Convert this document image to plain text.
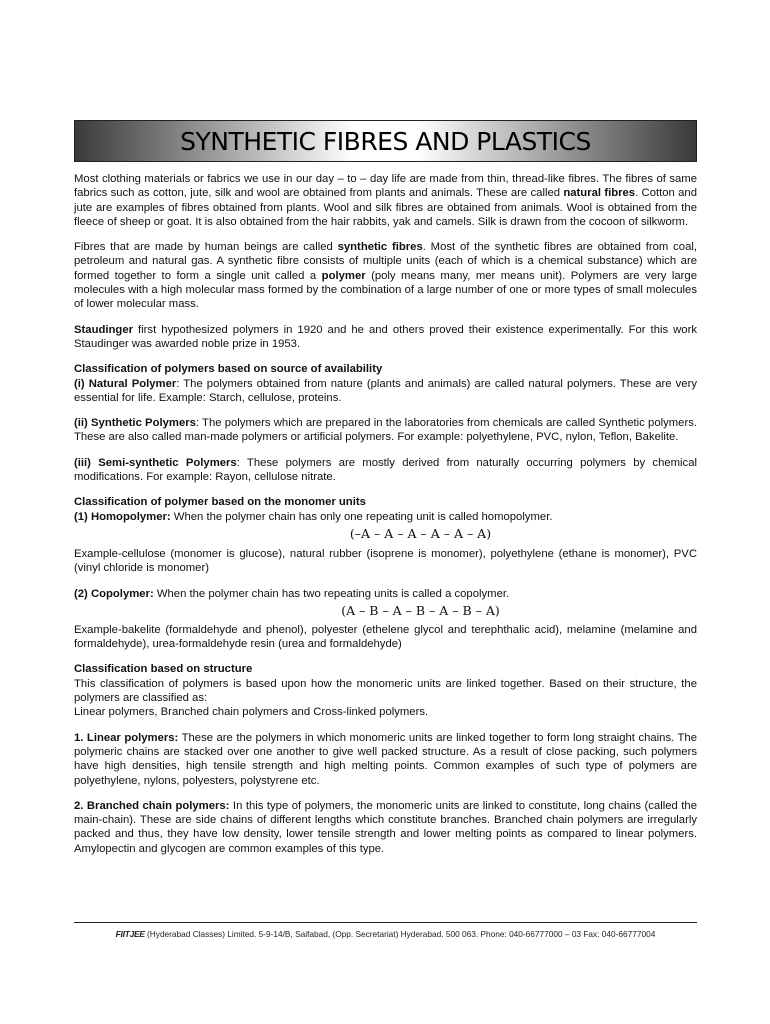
SYNTHETIC FIBRES AND PLASTICS

Most clothing materials or fabrics we use in our day – to – day life are made from thin, thread-like fibres. The fibres of same fabrics such as cotton, jute, silk and wool are obtained from plants and animals. These are called natural fibres. Cotton and jute are examples of fibres obtained from plants. Wool and silk fibres are obtained from animals. Wool is obtained from the fleece of sheep or goat. It is also obtained from the hair rabbits, yak and camels. Silk is drawn from the cocoon of silkworm.

Fibres that are made by human beings are called synthetic fibres. Most of the synthetic fibres are obtained from coal, petroleum and natural gas. A synthetic fibre consists of multiple units (each of which is a chemical substance) which are formed together to form a single unit called a polymer (poly means many, mer means unit). Polymers are very large molecules with a high molecular mass formed by the combination of a large number of one or more types of small molecules of lower molecular mass.

Staudinger first hypothesized polymers in 1920 and he and others proved their existence experimentally. For this work Staudinger was awarded noble prize in 1953.

Classification of polymers based on source of availability
(i) Natural Polymer: The polymers obtained from nature (plants and animals) are called natural polymers. These are very essential for life. Example: Starch, cellulose, proteins.

(ii) Synthetic Polymers: The polymers which are prepared in the laboratories from chemicals are called Synthetic polymers. These are also called man-made polymers or artificial polymers. For example: polyethylene, PVC, nylon, Teflon, Bakelite.

(iii) Semi-synthetic Polymers: These polymers are mostly derived from naturally occurring polymers by chemical modifications. For example: Rayon, cellulose nitrate.

Classification of polymer based on the monomer units
(1) Homopolymer: When the polymer chain has only one repeating unit is called homopolymer.
(–A – A – A – A – A – A)

Example-cellulose (monomer is glucose), natural rubber (isoprene is monomer), polyethylene (ethane is monomer), PVC (vinyl chloride is monomer)

(2) Copolymer: When the polymer chain has two repeating units is called a copolymer.
(A – B – A – B – A – B – A)

Example-bakelite (formaldehyde and phenol), polyester (ethelene glycol and terephthalic acid), melamine (melamine and formaldehyde), urea-formaldehyde resin (urea and formaldehyde)

Classification based on structure
This classification of polymers is based upon how the monomeric units are linked together. Based on their structure, the polymers are classified as:
Linear polymers, Branched chain polymers and Cross-linked polymers.

1. Linear polymers: These are the polymers in which monomeric units are linked together to form long straight chains. The polymeric chains are stacked over one another to give well packed structure. As a result of close packing, such polymers have high densities, high tensile strength and high melting points. Common examples of such type of polymers are polyethylene, nylons, polyesters, polystyrene etc.

2. Branched chain polymers: In this type of polymers, the monomeric units are linked to constitute, long chains (called the main-chain). These are side chains of different lengths which constitute branches. Branched chain polymers are irregularly packed and thus, they have low density, lower tensile strength and lower melting points as compared to linear polymers. Amylopectin and glycogen are common examples of this type.

FIITJEE (Hyderabad Classes) Limited. 5-9-14/B, Saifabad, (Opp. Secretariat) Hyderabad. 500 063. Phone: 040-66777000 – 03 Fax: 040-66777004
